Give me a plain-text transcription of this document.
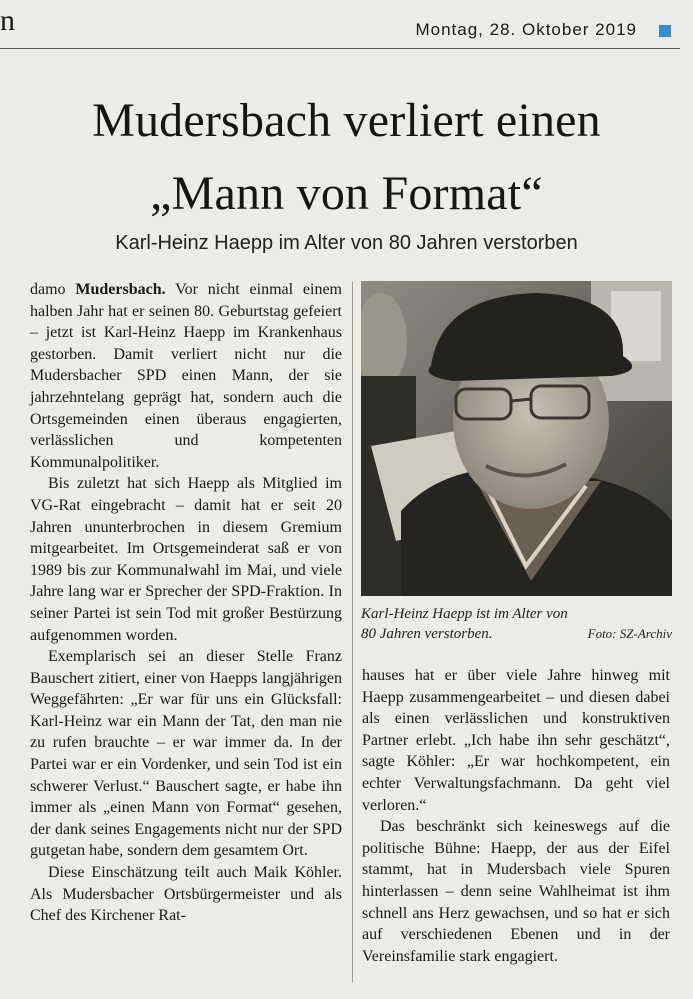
n	Montag, 28. Oktober 2019
Mudersbach verliert einen
„Mann von Format“
Karl-Heinz Haepp im Alter von 80 Jahren verstorben

damo Mudersbach. Vor nicht einmal einem halben Jahr hat er seinen 80. Geburtstag gefeiert – jetzt ist Karl-Heinz Haepp im Krankenhaus gestorben. Damit verliert nicht nur die Mudersbacher SPD einen Mann, der sie jahrzehntelang geprägt hat, sondern auch die Ortsgemeinden einen überaus engagierten, verlässlichen und kompetenten Kommunalpolitiker.

Bis zuletzt hat sich Haepp als Mitglied im VG-Rat eingebracht – damit hat er seit 20 Jahren ununterbrochen in diesem Gremium mitgearbeitet. Im Ortsgemeinderat saß er von 1989 bis zur Kommunalwahl im Mai, und viele Jahre lang war er Sprecher der SPD-Fraktion. In seiner Partei ist sein Tod mit großer Bestürzung aufgenommen worden.

Exemplarisch sei an dieser Stelle Franz Bauschert zitiert, einer von Haepps langjährigen Weggefährten: „Er war für uns ein Glücksfall: Karl-Heinz war ein Mann der Tat, den man nie zu rufen brauchte – er war immer da. In der Partei war er ein Vordenker, und sein Tod ist ein schwerer Verlust.“ Bauschert sagte, er habe ihn immer als „einen Mann von Format“ gesehen, der dank seines Engagements nicht nur der SPD gutgetan habe, sondern dem gesamtem Ort.

Diese Einschätzung teilt auch Maik Köhler. Als Mudersbacher Ortsbürgermeister und als Chef des Kirchener Rat-

Karl-Heinz Haepp ist im Alter von
80 Jahren verstorben.	Foto: SZ-Archiv

hauses hat er über viele Jahre hinweg mit Haepp zusammengearbeitet – und diesen dabei als einen verlässlichen und konstruktiven Partner erlebt. „Ich habe ihn sehr geschätzt“, sagte Köhler: „Er war hochkompetent, ein echter Verwaltungsfachmann. Da geht viel verloren.“

Das beschränkt sich keineswegs auf die politische Bühne: Haepp, der aus der Eifel stammt, hat in Mudersbach viele Spuren hinterlassen – denn seine Wahlheimat ist ihm schnell ans Herz gewachsen, und so hat er sich auf verschiedenen Ebenen und in der Vereinsfamilie stark engagiert.
